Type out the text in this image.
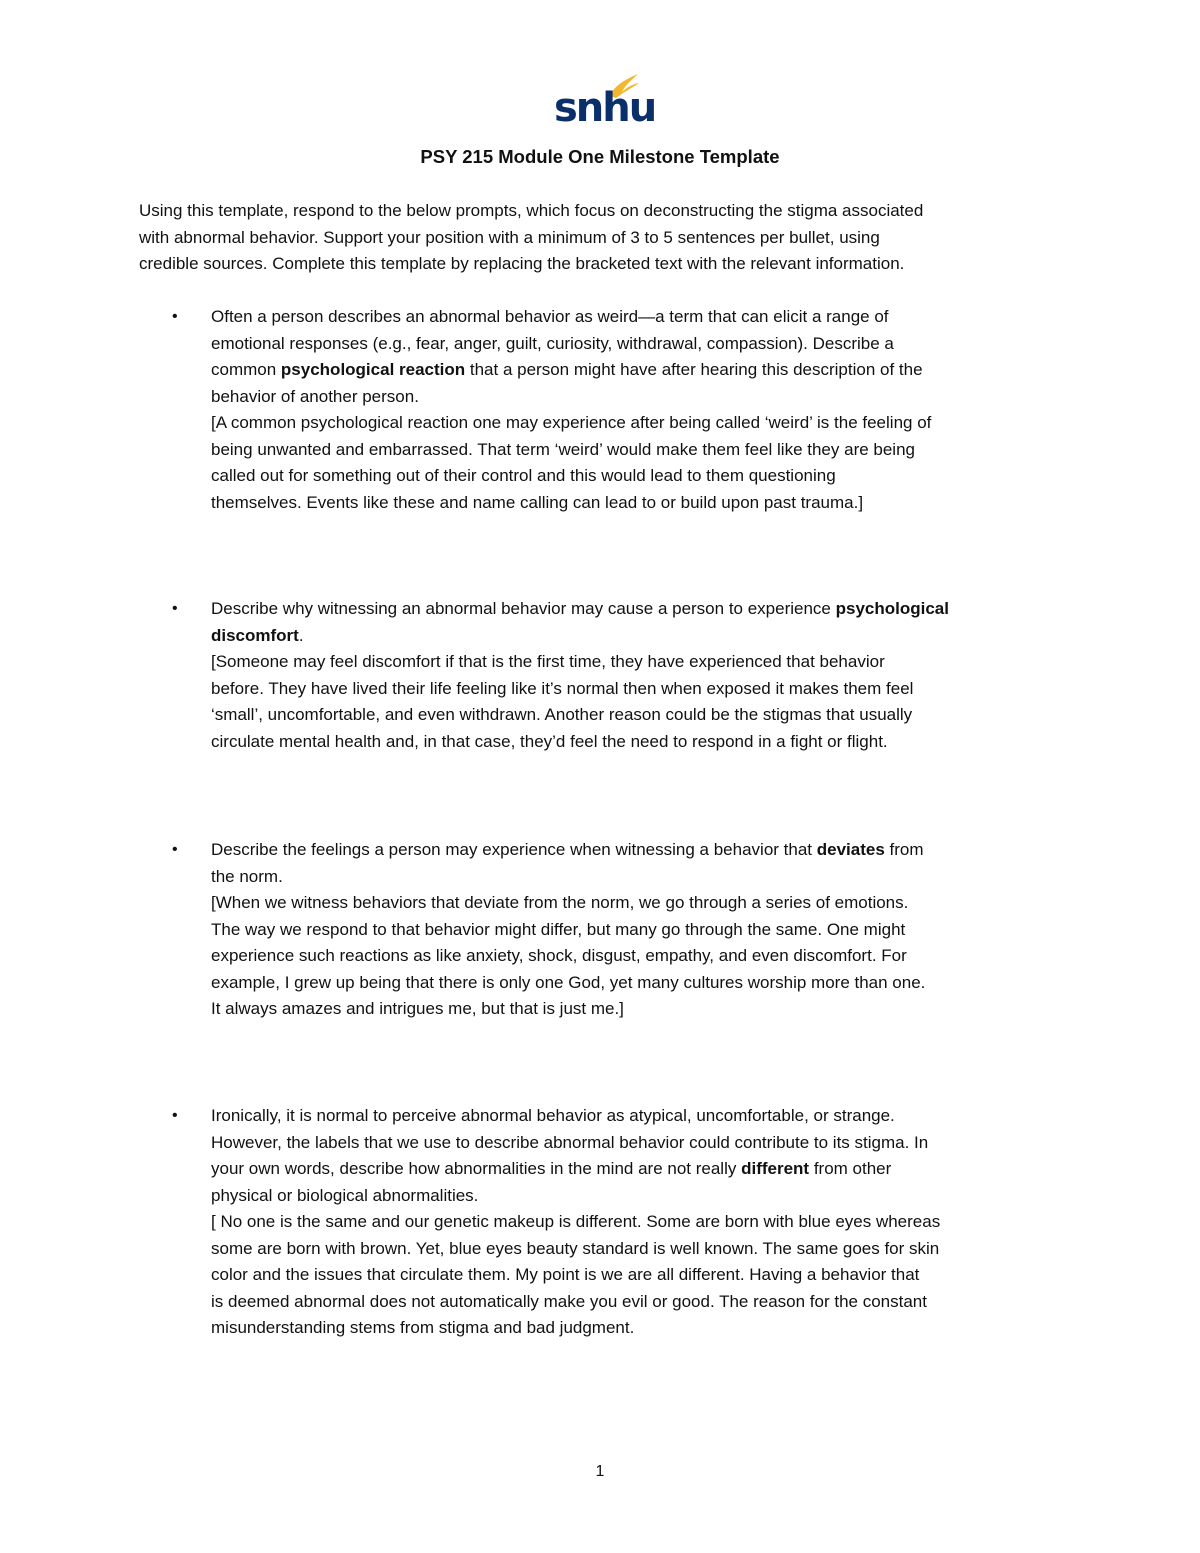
snhu
PSY 215 Module One Milestone Template

Using this template, respond to the below prompts, which focus on deconstructing the stigma associated

with abnormal behavior. Support your position with a minimum of 3 to 5 sentences per bullet, using

credible sources. Complete this template by replacing the bracketed text with the relevant information.

•	Often a person describes an abnormal behavior as weird—a term that can elicit a range of
emotional responses (e.g., fear, anger, guilt, curiosity, withdrawal, compassion). Describe a
common psychological reaction that a person might have after hearing this description of the
behavior of another person.
[A common psychological reaction one may experience after being called ‘weird’ is the feeling of
being unwanted and embarrassed. That term ‘weird’ would make them feel like they are being
called out for something out of their control and this would lead to them questioning
themselves. Events like these and name calling can lead to or build upon past trauma.]
•	Describe why witnessing an abnormal behavior may cause a person to experience psychological
discomfort.
[Someone may feel discomfort if that is the first time, they have experienced that behavior
before. They have lived their life feeling like it’s normal then when exposed it makes them feel
‘small’, uncomfortable, and even withdrawn. Another reason could be the stigmas that usually
circulate mental health and, in that case, they’d feel the need to respond in a fight or flight.
•	Describe the feelings a person may experience when witnessing a behavior that deviates from
the norm.
[When we witness behaviors that deviate from the norm, we go through a series of emotions.
The way we respond to that behavior might differ, but many go through the same. One might
experience such reactions as like anxiety, shock, disgust, empathy, and even discomfort. For
example, I grew up being that there is only one God, yet many cultures worship more than one.
It always amazes and intrigues me, but that is just me.]
•	Ironically, it is normal to perceive abnormal behavior as atypical, uncomfortable, or strange.
However, the labels that we use to describe abnormal behavior could contribute to its stigma. In
your own words, describe how abnormalities in the mind are not really different from other
physical or biological abnormalities.
[ No one is the same and our genetic makeup is different. Some are born with blue eyes whereas
some are born with brown. Yet, blue eyes beauty standard is well known. The same goes for skin
color and the issues that circulate them. My point is we are all different. Having a behavior that
is deemed abnormal does not automatically make you evil or good. The reason for the constant
misunderstanding stems from stigma and bad judgment.
1
